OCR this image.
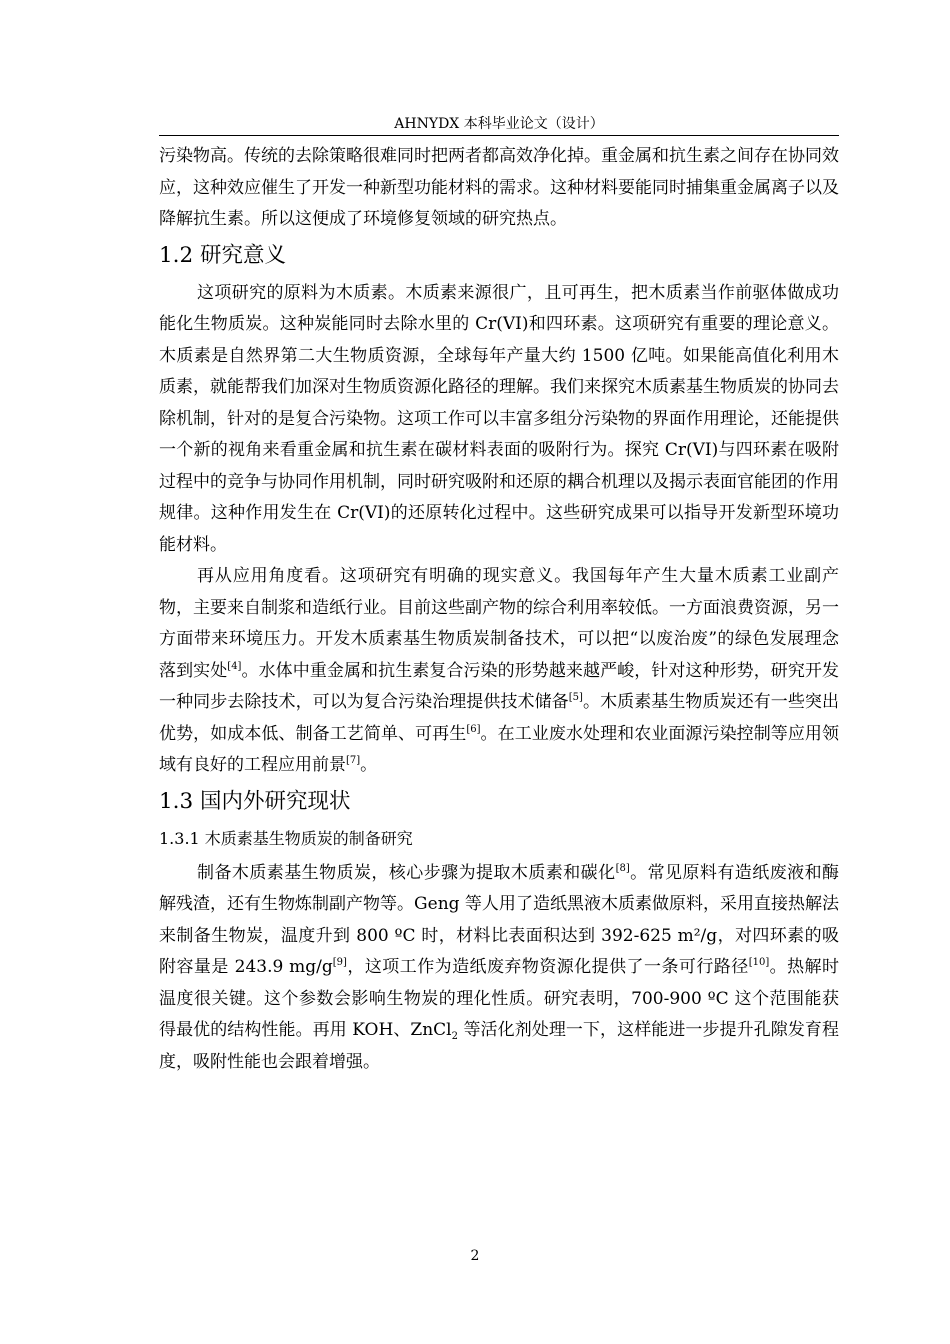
AHNYDX 本科毕业论文（设计）

污染物高。传统的去除策略很难同时把两者都高效净化掉。重金属和抗生素之间存在协同效应，这种效应催生了开发一种新型功能材料的需求。这种材料要能同时捕集重金属离子以及降解抗生素。所以这便成了环境修复领域的研究热点。

1.2 研究意义

这项研究的原料为木质素。木质素来源很广，且可再生，把木质素当作前驱体做成功能化生物质炭。这种炭能同时去除水里的 Cr(VI)和四环素。这项研究有重要的理论意义。木质素是自然界第二大生物质资源，全球每年产量大约 1500 亿吨。如果能高值化利用木质素，就能帮我们加深对生物质资源化路径的理解。我们来探究木质素基生物质炭的协同去除机制，针对的是复合污染物。这项工作可以丰富多组分污染物的界面作用理论，还能提供一个新的视角来看重金属和抗生素在碳材料表面的吸附行为。探究 Cr(VI)与四环素在吸附过程中的竞争与协同作用机制，同时研究吸附和还原的耦合机理以及揭示表面官能团的作用规律。这种作用发生在 Cr(VI)的还原转化过程中。这些研究成果可以指导开发新型环境功能材料。

再从应用角度看。这项研究有明确的现实意义。我国每年产生大量木质素工业副产物，主要来自制浆和造纸行业。目前这些副产物的综合利用率较低。一方面浪费资源，另一方面带来环境压力。开发木质素基生物质炭制备技术，可以把“以废治废”的绿色发展理念落到实处[4]。水体中重金属和抗生素复合污染的形势越来越严峻，针对这种形势，研究开发一种同步去除技术，可以为复合污染治理提供技术储备[5]。木质素基生物质炭还有一些突出优势，如成本低、制备工艺简单、可再生[6]。在工业废水处理和农业面源污染控制等应用领域有良好的工程应用前景[7]。

1.3 国内外研究现状
1.3.1 木质素基生物质炭的制备研究

制备木质素基生物质炭，核心步骤为提取木质素和碳化[8]。常见原料有造纸废液和酶解残渣，还有生物炼制副产物等。Geng 等人用了造纸黑液木质素做原料，采用直接热解法来制备生物炭，温度升到 800 ºC 时，材料比表面积达到 392-625 m²/g，对四环素的吸附容量是 243.9 mg/g[9]，这项工作为造纸废弃物资源化提供了一条可行路径[10]。热解时温度很关键。这个参数会影响生物炭的理化性质。研究表明，700-900 ºC 这个范围能获得最优的结构性能。再用 KOH、ZnCl$_2$ 等活化剂处理一下，这样能进一步提升孔隙发育程度，吸附性能也会跟着增强。

2
